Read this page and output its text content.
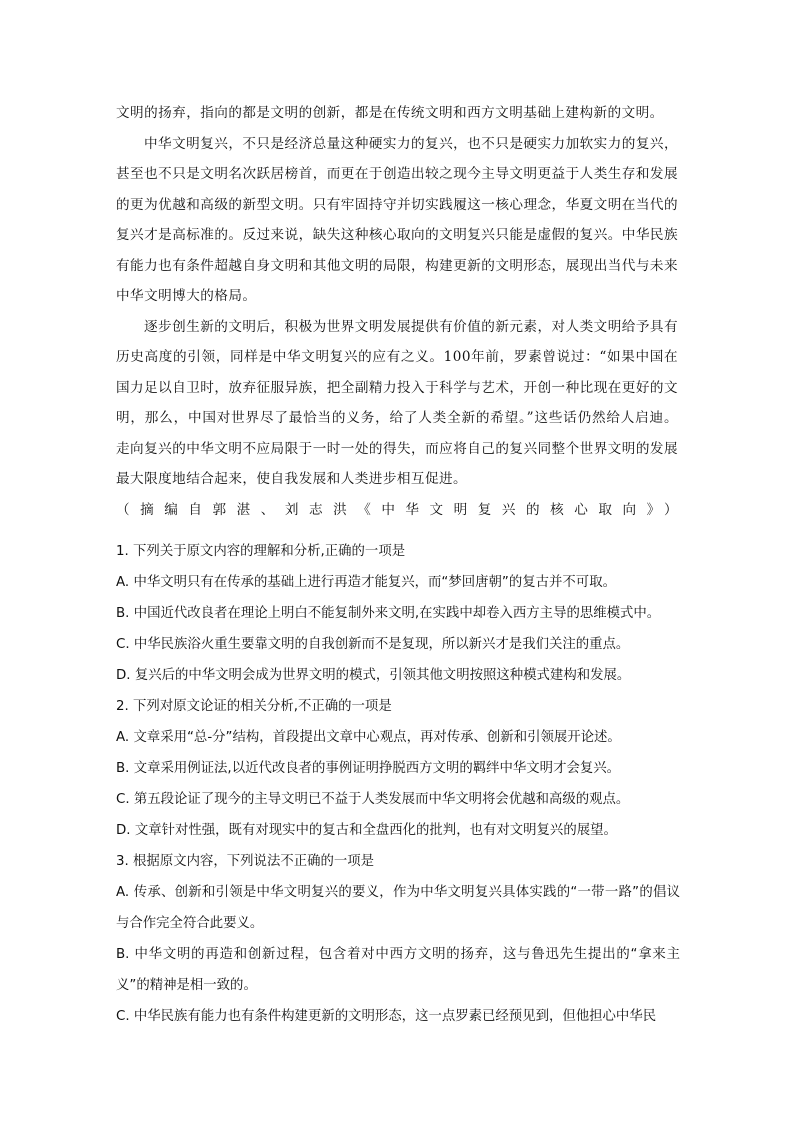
文明的扬弃，指向的都是文明的创新，都是在传统文明和西方文明基础上建构新的文明。

中华文明复兴，不只是经济总量这种硬实力的复兴，也不只是硬实力加软实力的复兴，甚至也不只是文明名次跃居榜首，而更在于创造出较之现今主导文明更益于人类生存和发展的更为优越和高级的新型文明。只有牢固持守并切实践履这一核心理念，华夏文明在当代的复兴才是高标准的。反过来说，缺失这种核心取向的文明复兴只能是虚假的复兴。中华民族有能力也有条件超越自身文明和其他文明的局限，构建更新的文明形态，展现出当代与未来中华文明博大的格局。

逐步创生新的文明后，积极为世界文明发展提供有价值的新元素，对人类文明给予具有历史高度的引领，同样是中华文明复兴的应有之义。100年前，罗素曾说过：“如果中国在国力足以自卫时，放弃征服异族，把全副精力投入于科学与艺术，开创一种比现在更好的文明，那么，中国对世界尽了最恰当的义务，给了人类全新的希望。”这些话仍然给人启迪。走向复兴的中华文明不应局限于一时一处的得失，而应将自己的复兴同整个世界文明的发展最大限度地结合起来，使自我发展和人类进步相互促进。

（摘编自郭湛、刘志洪《中华文明复兴的核心取向》）

1. 下列关于原文内容的理解和分析,正确的一项是

A. 中华文明只有在传承的基础上进行再造才能复兴，而“梦回唐朝”的复古并不可取。

B. 中国近代改良者在理论上明白不能复制外来文明,在实践中却卷入西方主导的思维模式中。

C. 中华民族浴火重生要靠文明的自我创新而不是复现，所以新兴才是我们关注的重点。

D. 复兴后的中华文明会成为世界文明的模式，引领其他文明按照这种模式建构和发展。

2. 下列对原文论证的相关分析,不正确的一项是

A. 文章采用“总-分”结构，首段提出文章中心观点，再对传承、创新和引领展开论述。

B. 文章采用例证法,以近代改良者的事例证明挣脱西方文明的羁绊中华文明才会复兴。

C. 第五段论证了现今的主导文明已不益于人类发展而中华文明将会优越和高级的观点。

D. 文章针对性强，既有对现实中的复古和全盘西化的批判，也有对文明复兴的展望。

3. 根据原文内容，下列说法不正确的一项是

A. 传承、创新和引领是中华文明复兴的要义，作为中华文明复兴具体实践的“一带一路”的倡议与合作完全符合此要义。

B. 中华文明的再造和创新过程，包含着对中西方文明的扬弃，这与鲁迅先生提出的“拿来主义”的精神是相一致的。

C. 中华民族有能力也有条件构建更新的文明形态，这一点罗素已经预见到，但他担心中华民
